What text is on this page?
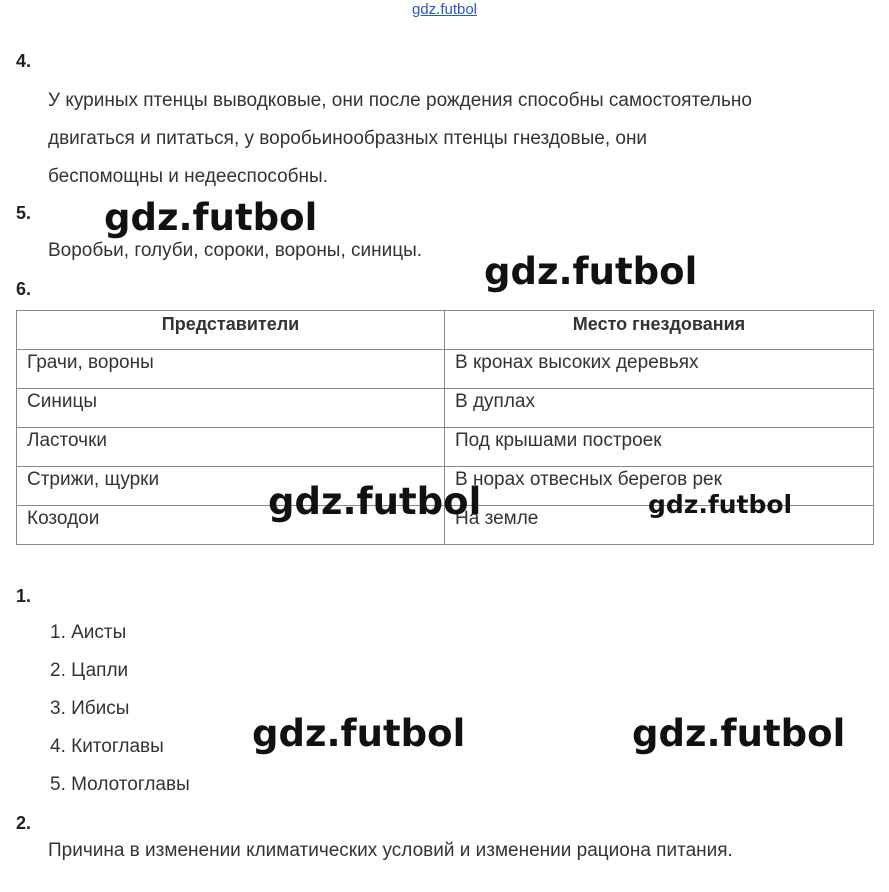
gdz.futbol
4.
У куриных птенцы выводковые, они после рождения способны самостоятельно
двигаться и питаться, у воробьинообразных птенцы гнездовые, они
беспомощны и недееспособны.
5.
Воробьи, голуби, сороки, вороны, синицы.
6.
Представители	Место гнездования
Грачи, вороны	В кронах высоких деревьях
Синицы	В дуплах
Ласточки	Под крышами построек
Стрижи, щурки	В норах отвесных берегов рек
Козодои	На земле
1.
1. Аисты
2. Цапли
3. Ибисы
4. Китоглавы
5. Молотоглавы
2.
Причина в изменении климатических условий и изменении рациона питания.
gdz.futbol
gdz.futbol
gdz.futbol	gdz.futbol
gdz.futbol	gdz.futbol
